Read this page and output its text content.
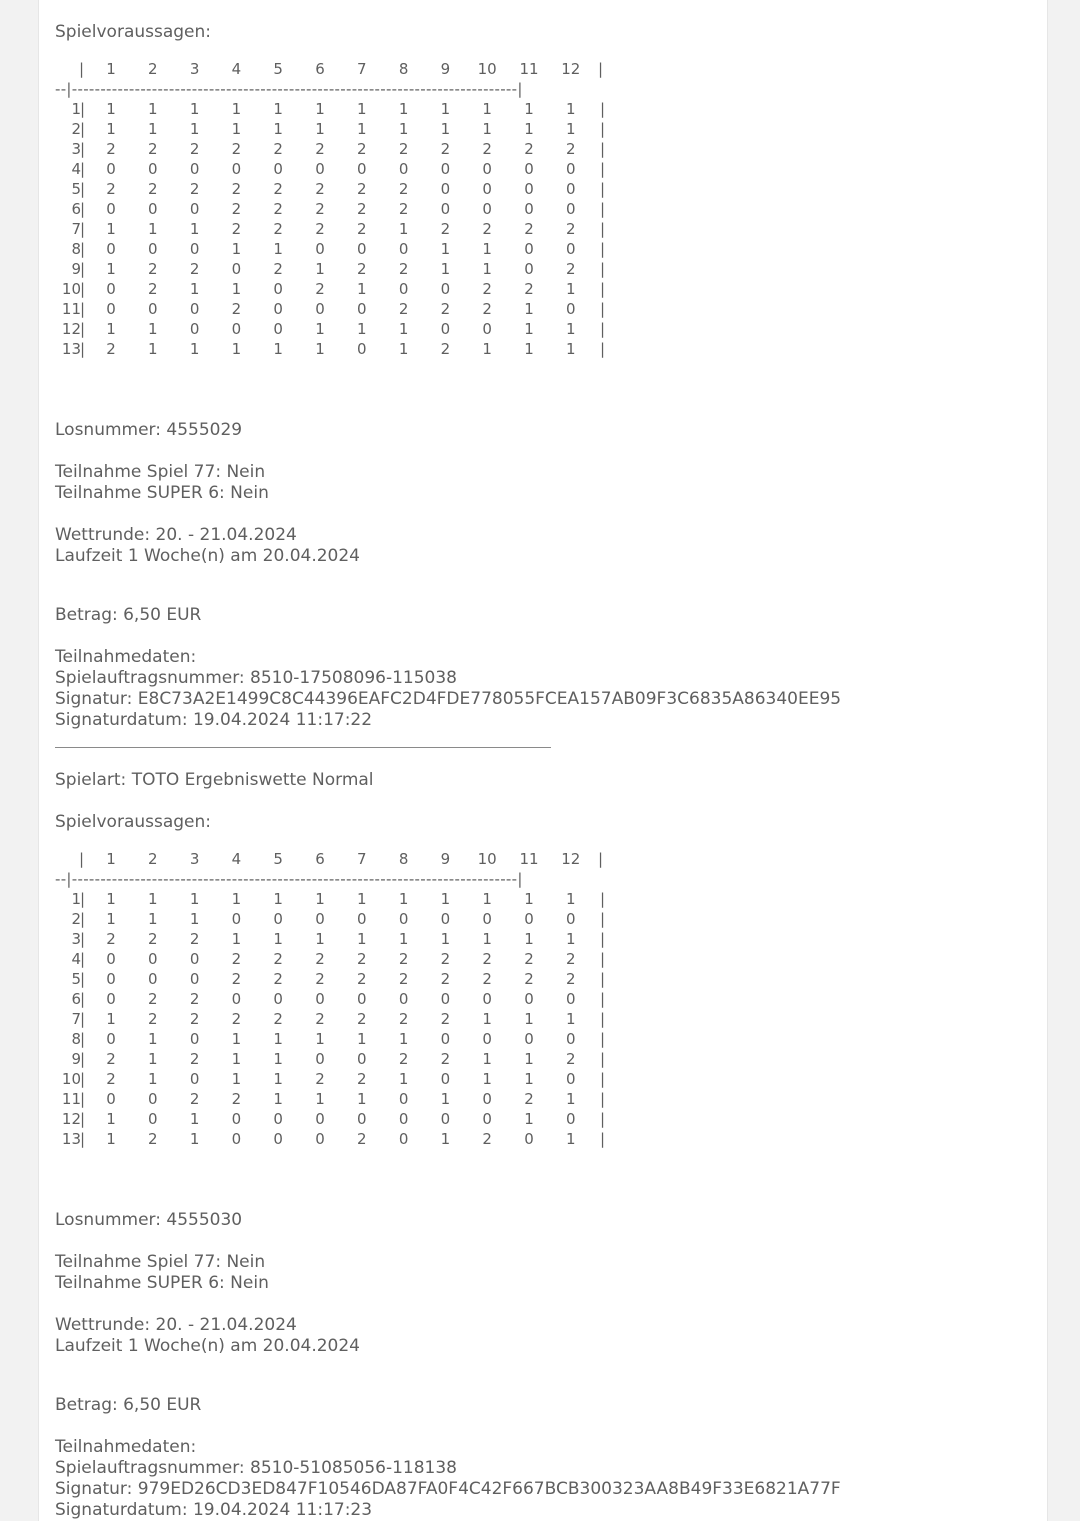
Spielvoraussagen:

|	1	2	3	4	5	6	7	8	9	10 11 12 |
--|------------------------------------------------------------------------------|
1 |	1	1	1	1	1	1	1	1	1	1	1	1	|
2 |	1	1	1	1	1	1	1	1	1	1	1	1	|
3 |	2	2	2	2	2	2	2	2	2	2	2	2	|
4 |	0	0	0	0	0	0	0	0	0	0	0	0	|
5 |	2	2	2	2	2	2	2	2	0	0	0	0	|
6 |	0	0	0	2	2	2	2	2	0	0	0	0	|
7 |	1	1	1	2	2	2	2	1	2	2	2	2	|
8 |	0	0	0	1	1	0	0	0	1	1	0	0	|
9 |	1	2	2	0	2	1	2	2	1	1	0	2	|
10 |	0	2	1	1	0	2	1	0	0	2	2	1	|
11 |	0	0	0	2	0	0	0	2	2	2	1	0	|
12 |	1	1	0	0	0	1	1	1	0	0	1	1	|
13 |	2	1	1	1	1	1	0	1	2	1	1	1	|

Losnummer: 4555029

Teilnahme Spiel 77: Nein

Teilnahme SUPER 6: Nein

Wettrunde: 20. - 21.04.2024

Laufzeit 1 Woche(n) am 20.04.2024

Betrag: 6,50 EUR

Teilnahmedaten:

Spielauftragsnummer: 8510-17508096-115038

Signatur: E8C73A2E1499C8C44396EAFC2D4FDE778055FCEA157AB09F3C6835A86340EE95

Signaturdatum: 19.04.2024 11:17:22

Spielart: TOTO Ergebniswette Normal

Spielvoraussagen:

|	1	2	3	4	5	6	7	8	9	10 11 12 |
--|------------------------------------------------------------------------------|
1 |	1	1	1	1	1	1	1	1	1	1	1	1	|
2 |	1	1	1	0	0	0	0	0	0	0	0	0	|
3 |	2	2	2	1	1	1	1	1	1	1	1	1	|
4 |	0	0	0	2	2	2	2	2	2	2	2	2	|
5 |	0	0	0	2	2	2	2	2	2	2	2	2	|
6 |	0	2	2	0	0	0	0	0	0	0	0	0	|
7 |	1	2	2	2	2	2	2	2	2	1	1	1	|
8 |	0	1	0	1	1	1	1	1	0	0	0	0	|
9 |	2	1	2	1	1	0	0	2	2	1	1	2	|
10 |	2	1	0	1	1	2	2	1	0	1	1	0	|
11 |	0	0	2	2	1	1	1	0	1	0	2	1	|
12 |	1	0	1	0	0	0	0	0	0	0	1	0	|
13 |	1	2	1	0	0	0	2	0	1	2	0	1	|

Losnummer: 4555030

Teilnahme Spiel 77: Nein

Teilnahme SUPER 6: Nein

Wettrunde: 20. - 21.04.2024

Laufzeit 1 Woche(n) am 20.04.2024

Betrag: 6,50 EUR

Teilnahmedaten:

Spielauftragsnummer: 8510-51085056-118138

Signatur: 979ED26CD3ED847F10546DA87FA0F4C42F667BCB300323AA8B49F33E6821A77F

Signaturdatum: 19.04.2024 11:17:23
